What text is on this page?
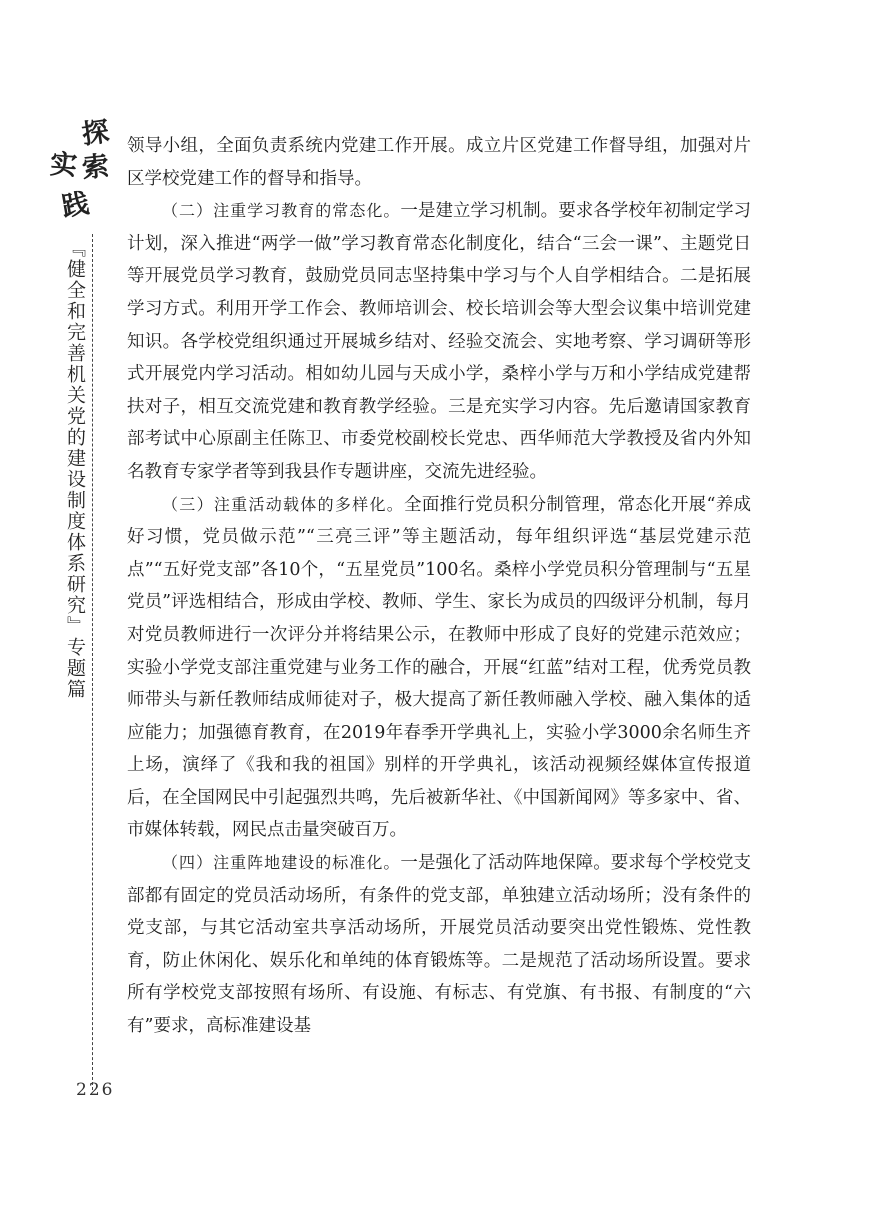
探
实 索
践
『健全和完善机关党的建设制度体系研究』专题篇
226

领导小组，全面负责系统内党建工作开展。成立片区党建工作督导组，加强对片区学校党建工作的督导和指导。

（二）注重学习教育的常态化。一是建立学习机制。要求各学校年初制定学习计划，深入推进“两学一做”学习教育常态化制度化，结合“三会一课”、主题党日等开展党员学习教育，鼓励党员同志坚持集中学习与个人自学相结合。二是拓展学习方式。利用开学工作会、教师培训会、校长培训会等大型会议集中培训党建知识。各学校党组织通过开展城乡结对、经验交流会、实地考察、学习调研等形式开展党内学习活动。相如幼儿园与天成小学，桑梓小学与万和小学结成党建帮扶对子，相互交流党建和教育教学经验。三是充实学习内容。先后邀请国家教育部考试中心原副主任陈卫、市委党校副校长党忠、西华师范大学教授及省内外知名教育专家学者等到我县作专题讲座，交流先进经验。

（三）注重活动载体的多样化。全面推行党员积分制管理，常态化开展“养成好习惯，党员做示范”“三亮三评”等主题活动，每年组织评选“基层党建示范点”“五好党支部”各10个，“五星党员”100名。桑梓小学党员积分管理制与“五星党员”评选相结合，形成由学校、教师、学生、家长为成员的四级评分机制，每月对党员教师进行一次评分并将结果公示，在教师中形成了良好的党建示范效应；实验小学党支部注重党建与业务工作的融合，开展“红蓝”结对工程，优秀党员教师带头与新任教师结成师徒对子，极大提高了新任教师融入学校、融入集体的适应能力；加强德育教育，在2019年春季开学典礼上，实验小学3000余名师生齐上场，演绎了《我和我的祖国》别样的开学典礼，该活动视频经媒体宣传报道后，在全国网民中引起强烈共鸣，先后被新华社、《中国新闻网》等多家中、省、市媒体转载，网民点击量突破百万。

（四）注重阵地建设的标准化。一是强化了活动阵地保障。要求每个学校党支部都有固定的党员活动场所，有条件的党支部，单独建立活动场所；没有条件的党支部，与其它活动室共享活动场所，开展党员活动要突出党性锻炼、党性教育，防止休闲化、娱乐化和单纯的体育锻炼等。二是规范了活动场所设置。要求所有学校党支部按照有场所、有设施、有标志、有党旗、有书报、有制度的“六有”要求，高标准建设基
